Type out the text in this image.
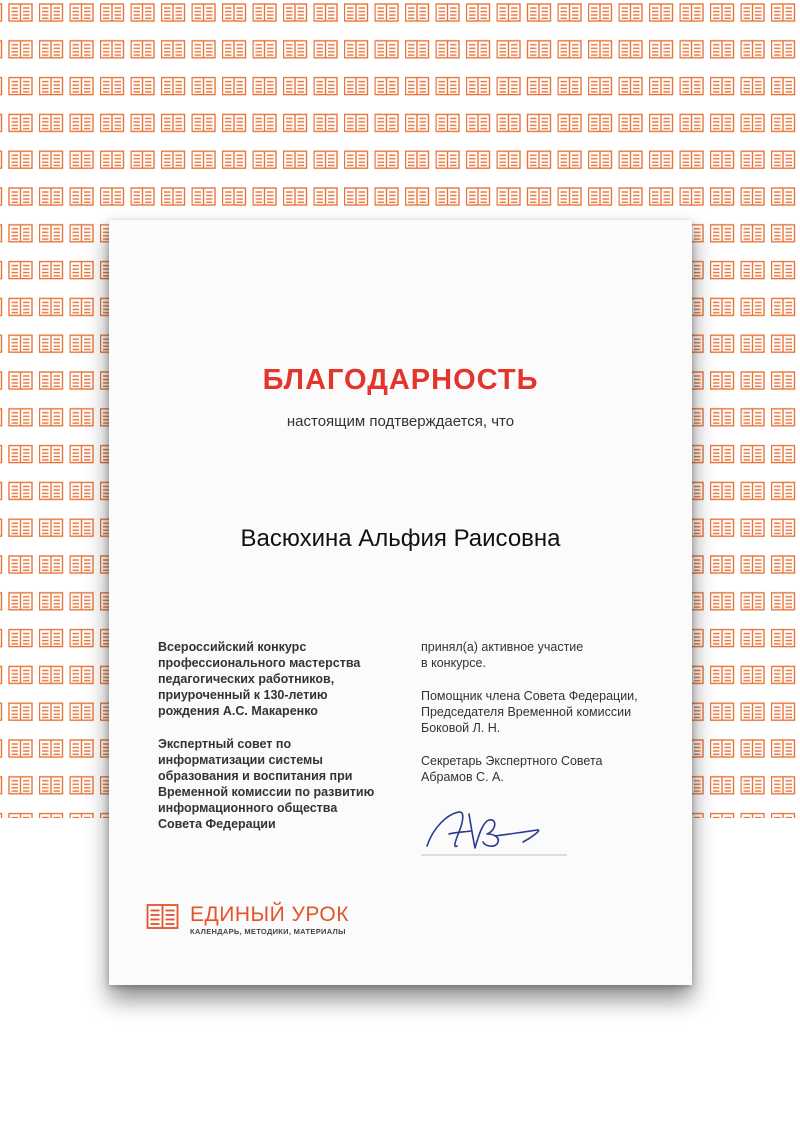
БЛАГОДАРНОСТЬ
настоящим подтверждается, что
Васюхина Альфия Раисовна

Всероссийский конкурс
профессионального мастерства
педагогических работников,
приуроченный к 130-летию
рождения А.С. Макаренко

Экспертный совет по
информатизации системы
образования и воспитания при
Временной комиссии по развитию
информационного общества
Совета Федерации

принял(а) активное участие
в конкурсе.

Помощник члена Совета Федерации,
Председателя Временной комиссии
Боковой Л. Н.

Секретарь Экспертного Совета
Абрамов С. А.

ЕДИНЫЙ УРОК
КАЛЕНДАРЬ, МЕТОДИКИ, МАТЕРИАЛЫ
